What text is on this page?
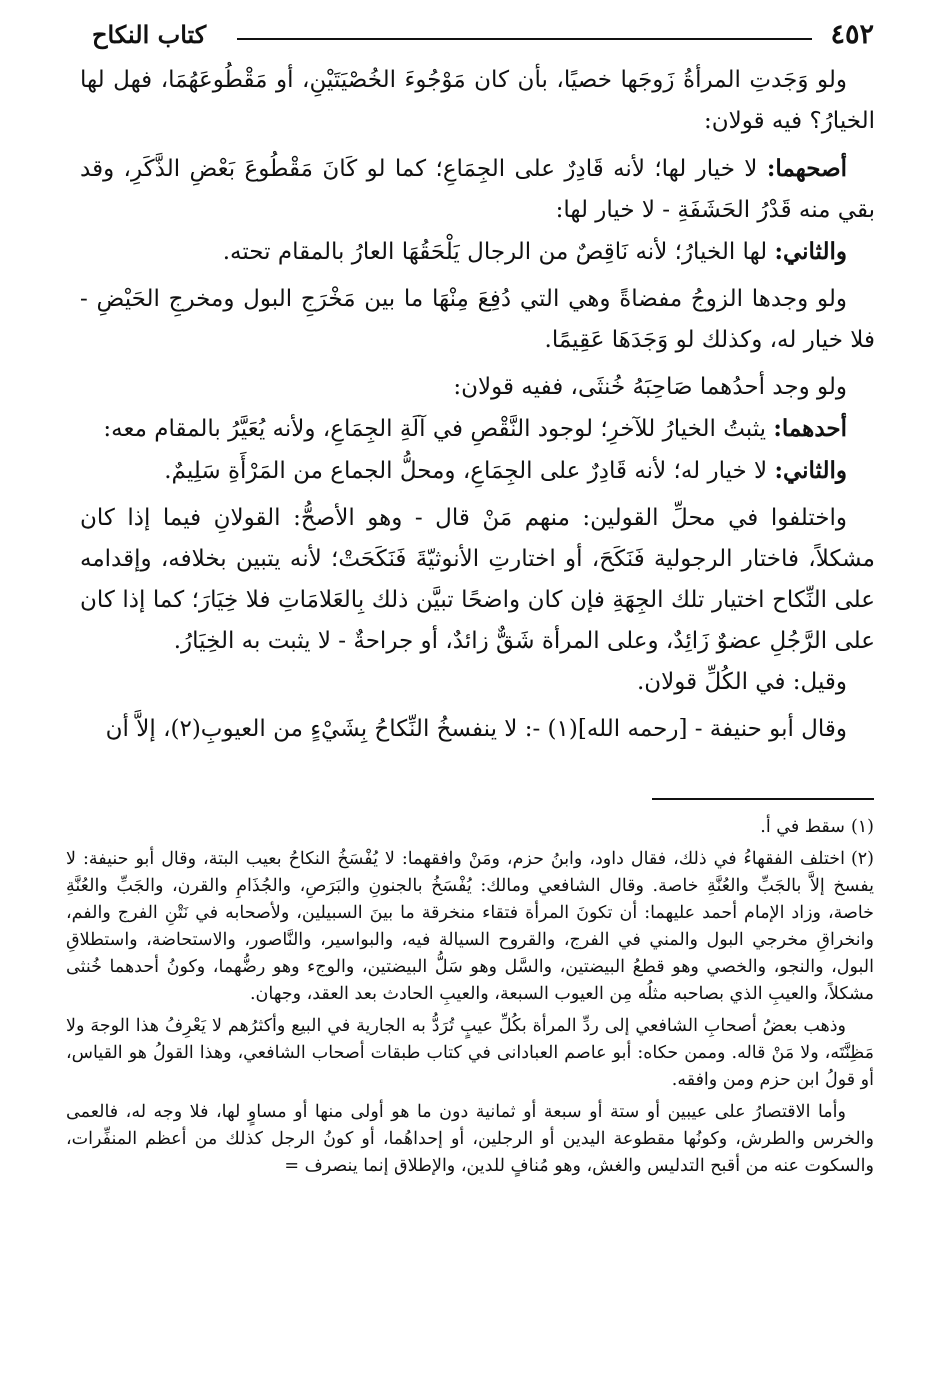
٤٥٢
كتاب النكاح

ولو وَجَدتِ المرأةُ زَوجَها خصيًا، بأن كان مَوْجُوءَ الخُصْيَتَيْنِ، أو مَقْطُوعَهُمَا، فهل لها الخيارُ؟ فيه قولان:

أصحهما: لا خيار لها؛ لأنه قَادِرٌ على الجِمَاعِ؛ كما لو كَانَ مَقْطُوعَ بَعْضِ الذَّكَرِ، وقد بقي منه قَدْرُ الحَشَفَةِ - لا خيار لها:

والثاني: لها الخيارُ؛ لأنه نَاقِصٌ من الرجال يَلْحَقُهَا العارُ بالمقام تحته.

ولو وجدها الزوجُ مفضاةً وهي التي دُفِعَ مِنْهَا ما بين مَخْرَجِ البول ومخرجِ الحَيْضِ - فلا خيار له، وكذلك لو وَجَدَهَا عَقِيمًا.

ولو وجد أحدُهما صَاحِبَهُ خُنثَى، ففيه قولان:

أحدهما: يثبتُ الخيارُ للآخرِ؛ لوجود النَّقْصِ في آلَةِ الجِمَاعِ، ولأنه يُعَيَّرُ بالمقام معه:

والثاني: لا خيار له؛ لأنه قَادِرٌ على الجِمَاعِ، ومحلُّ الجماع من المَرْأَةِ سَلِيمٌ.

واختلفوا في محلِّ القولين: منهم مَنْ قال - وهو الأصحُّ: القولانِ فيما إذا كان مشكلاً، فاختار الرجولية فَنَكَحَ، أو اختارتِ الأنوثيّةَ فَنَكَحَتْ؛ لأنه يتبين بخلافه، وإقدامه على النِّكاح اختيار تلك الجِهَةِ فإن كان واضحًا تبيَّن ذلك بِالعَلامَاتِ فلا خِيَارَ؛ كما إذا كان على الرَّجُلِ عضوٌ زَائِدٌ، وعلى المرأة شَقٌّ زائدٌ، أو جراحةٌ - لا يثبت به الخِيَارُ.

وقيل: في الكُلِّ قولان.

وقال أبو حنيفة - [رحمه الله](١) -: لا ينفسخُ النِّكاحُ بِشَيْءٍ من العيوبِ(٢)، إلاَّ أن

(١)سقط في أ.

(٢)اختلف الفقهاءُ في ذلك، فقال داود، وابنُ حزم، ومَنْ وافقهما: لا يُفْسَخُ النكاحُ بعيب البتة، وقال أبو حنيفة: لا يفسخ إلاَّ بالجَبِّ والعُنَّةِ خاصة. وقال الشافعي ومالك: يُفْسَخُ بالجنونِ والبَرَصِ، والجُذَامِ والقرن، والجَبِّ والعُنَّةِ خاصة، وزاد الإمام أحمد عليهما: أن تكونَ المرأة فتقاء منخرقة ما بينَ السبيلين، ولأصحابه في نَتْنِ الفرج والفم، وانخراقِ مخرجي البول والمني في الفرج، والقروح السيالة فيه، والبواسير، والنَّاصور، والاستحاضة، واستطلاقِ البول، والنجو، والخصي وهو قطعُ البيضتين، والسَّل وهو سَلُّ البيضتين، والوجء وهو رضُّهما، وكونُ أحدهما خُنثى مشكلاً، والعيبِ الذي بصاحبه مثلُه مِن العيوب السبعة، والعيبِ الحادث بعد العقد، وجهان.

وذهب بعضُ أصحابِ الشافعي إلى ردِّ المرأة بكُلِّ عيبٍ تُرَدُّ به الجارية في البيع وأكثرُهم لا يَعْرِفُ هذا الوجهَ ولا مَظِنَّتَه، ولا مَنْ قاله. وممن حكاه: أبو عاصم العبادانى في كتاب طبقات أصحاب الشافعي، وهذا القولُ هو القياس، أو قولُ ابن حزم ومن وافقه.

وأما الاقتصارُ على عيبين أو ستة أو سبعة أو ثمانية دون ما هو أولى منها أو مساوٍ لها، فلا وجه له، فالعمى والخرس والطرش، وكونُها مقطوعة اليدين أو الرجلين، أو إحداهُما، أو كونُ الرجل كذلك من أعظم المنفِّرات، والسكوت عنه من أقبح التدليس والغش، وهو مُنافٍ للدين، والإطلاق إنما ينصرف =
